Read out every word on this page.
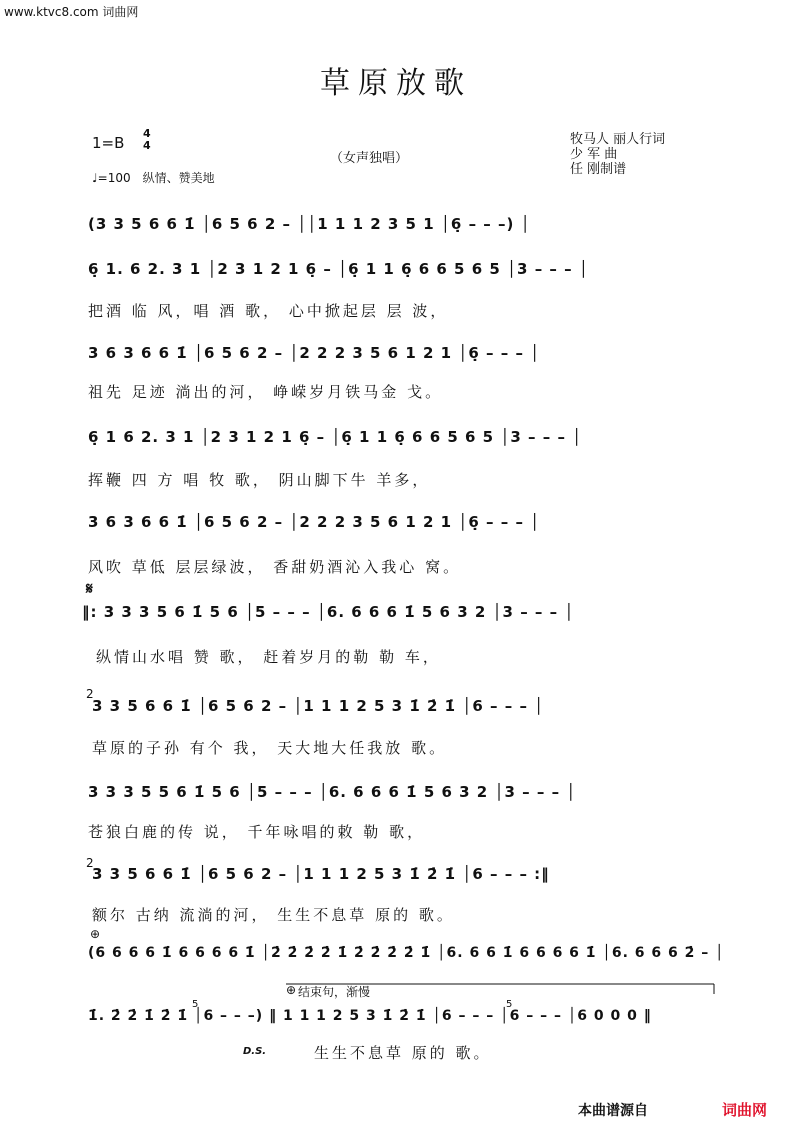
www.ktvc8.com 词曲网
草原放歌
1=B
4
4
♩=100　纵情、赞美地
（女声独唱）
牧马人 丽人行词
少 军 曲
任 刚制谱
(3 3 5 6 6 1̇ │6 5 6 2 – ││1 1 1 2 3 5 1 │6̣ – – –) │
6̣ 1. 6 2. 3 1 │2 3 1 2 1 6̣ – │6̣ 1 1 6̣ 6 6 5 6 5 │3 – – – │
把酒 临 风，唱 酒 歌， 心中掀起层 层 波，
3 6 3 6 6 1̇ │6 5 6 2 – │2 2 2 3 5 6 1 2 1 │6̣ – – – │
祖先 足迹 淌出的河， 峥嵘岁月铁马金 戈。
6̣ 1 6 2. 3 1 │2 3 1 2 1 6̣ – │6̣ 1 1 6̣ 6 6 5 6 5 │3 – – – │
挥鞭 四 方 唱 牧 歌， 阴山脚下牛 羊多，
3 6 3 6 6 1̇ │6 5 6 2 – │2 2 2 3 5 6 1 2 1 │6̣ – – – │
风吹 草低 层层绿波， 香甜奶酒沁入我心 窝。
𝄋
‖: 3 3 3 5 6 1̇ 5 6 │5 – – – │6. 6 6 6 1̇ 5 6 3 2 │3 – – – │
纵情山水唱 赞 歌， 赶着岁月的勒 勒 车，
2
3 3 5 6 6 1̇ │6 5 6 2 – │1 1 1 2 5 3 1̇ 2̇ 1̇ │6 – – – │
草原的子孙 有个 我， 天大地大任我放 歌。
3 3 3 5 5 6 1̇ 5 6 │5 – – – │6. 6 6 6 1̇ 5 6 3 2 │3 – – – │
苍狼白鹿的传 说， 千年咏唱的敕 勒 歌，
2
3 3 5 6 6 1̇ │6 5 6 2 – │1 1 1 2 5 3 1̇ 2̇ 1̇ │6 – – – :‖
额尔 古纳 流淌的河， 生生不息草 原的 歌。
⊕
(6 6 6 6 1̇ 6 6 6 6 1̇ │2̇ 2̇ 2̇ 2̇ 1̇ 2̇ 2̇ 2̇ 2̇ 1̇ │6. 6 6 1̇ 6 6 6 6 1̇ │6. 6 6 6 2̇ – │
⊕ 结束句，渐慢
5	5
1̇. 2̇ 2̇ 1̇ 2̇ 1̇ │6 – – –) ‖ 1 1 1 2 5 3 1̇ 2̇ 1̇ │6 – – – │6 – – – │6 0 0 0 ‖
D.S.	生生不息草 原的 歌。
本曲谱源自	词曲网
